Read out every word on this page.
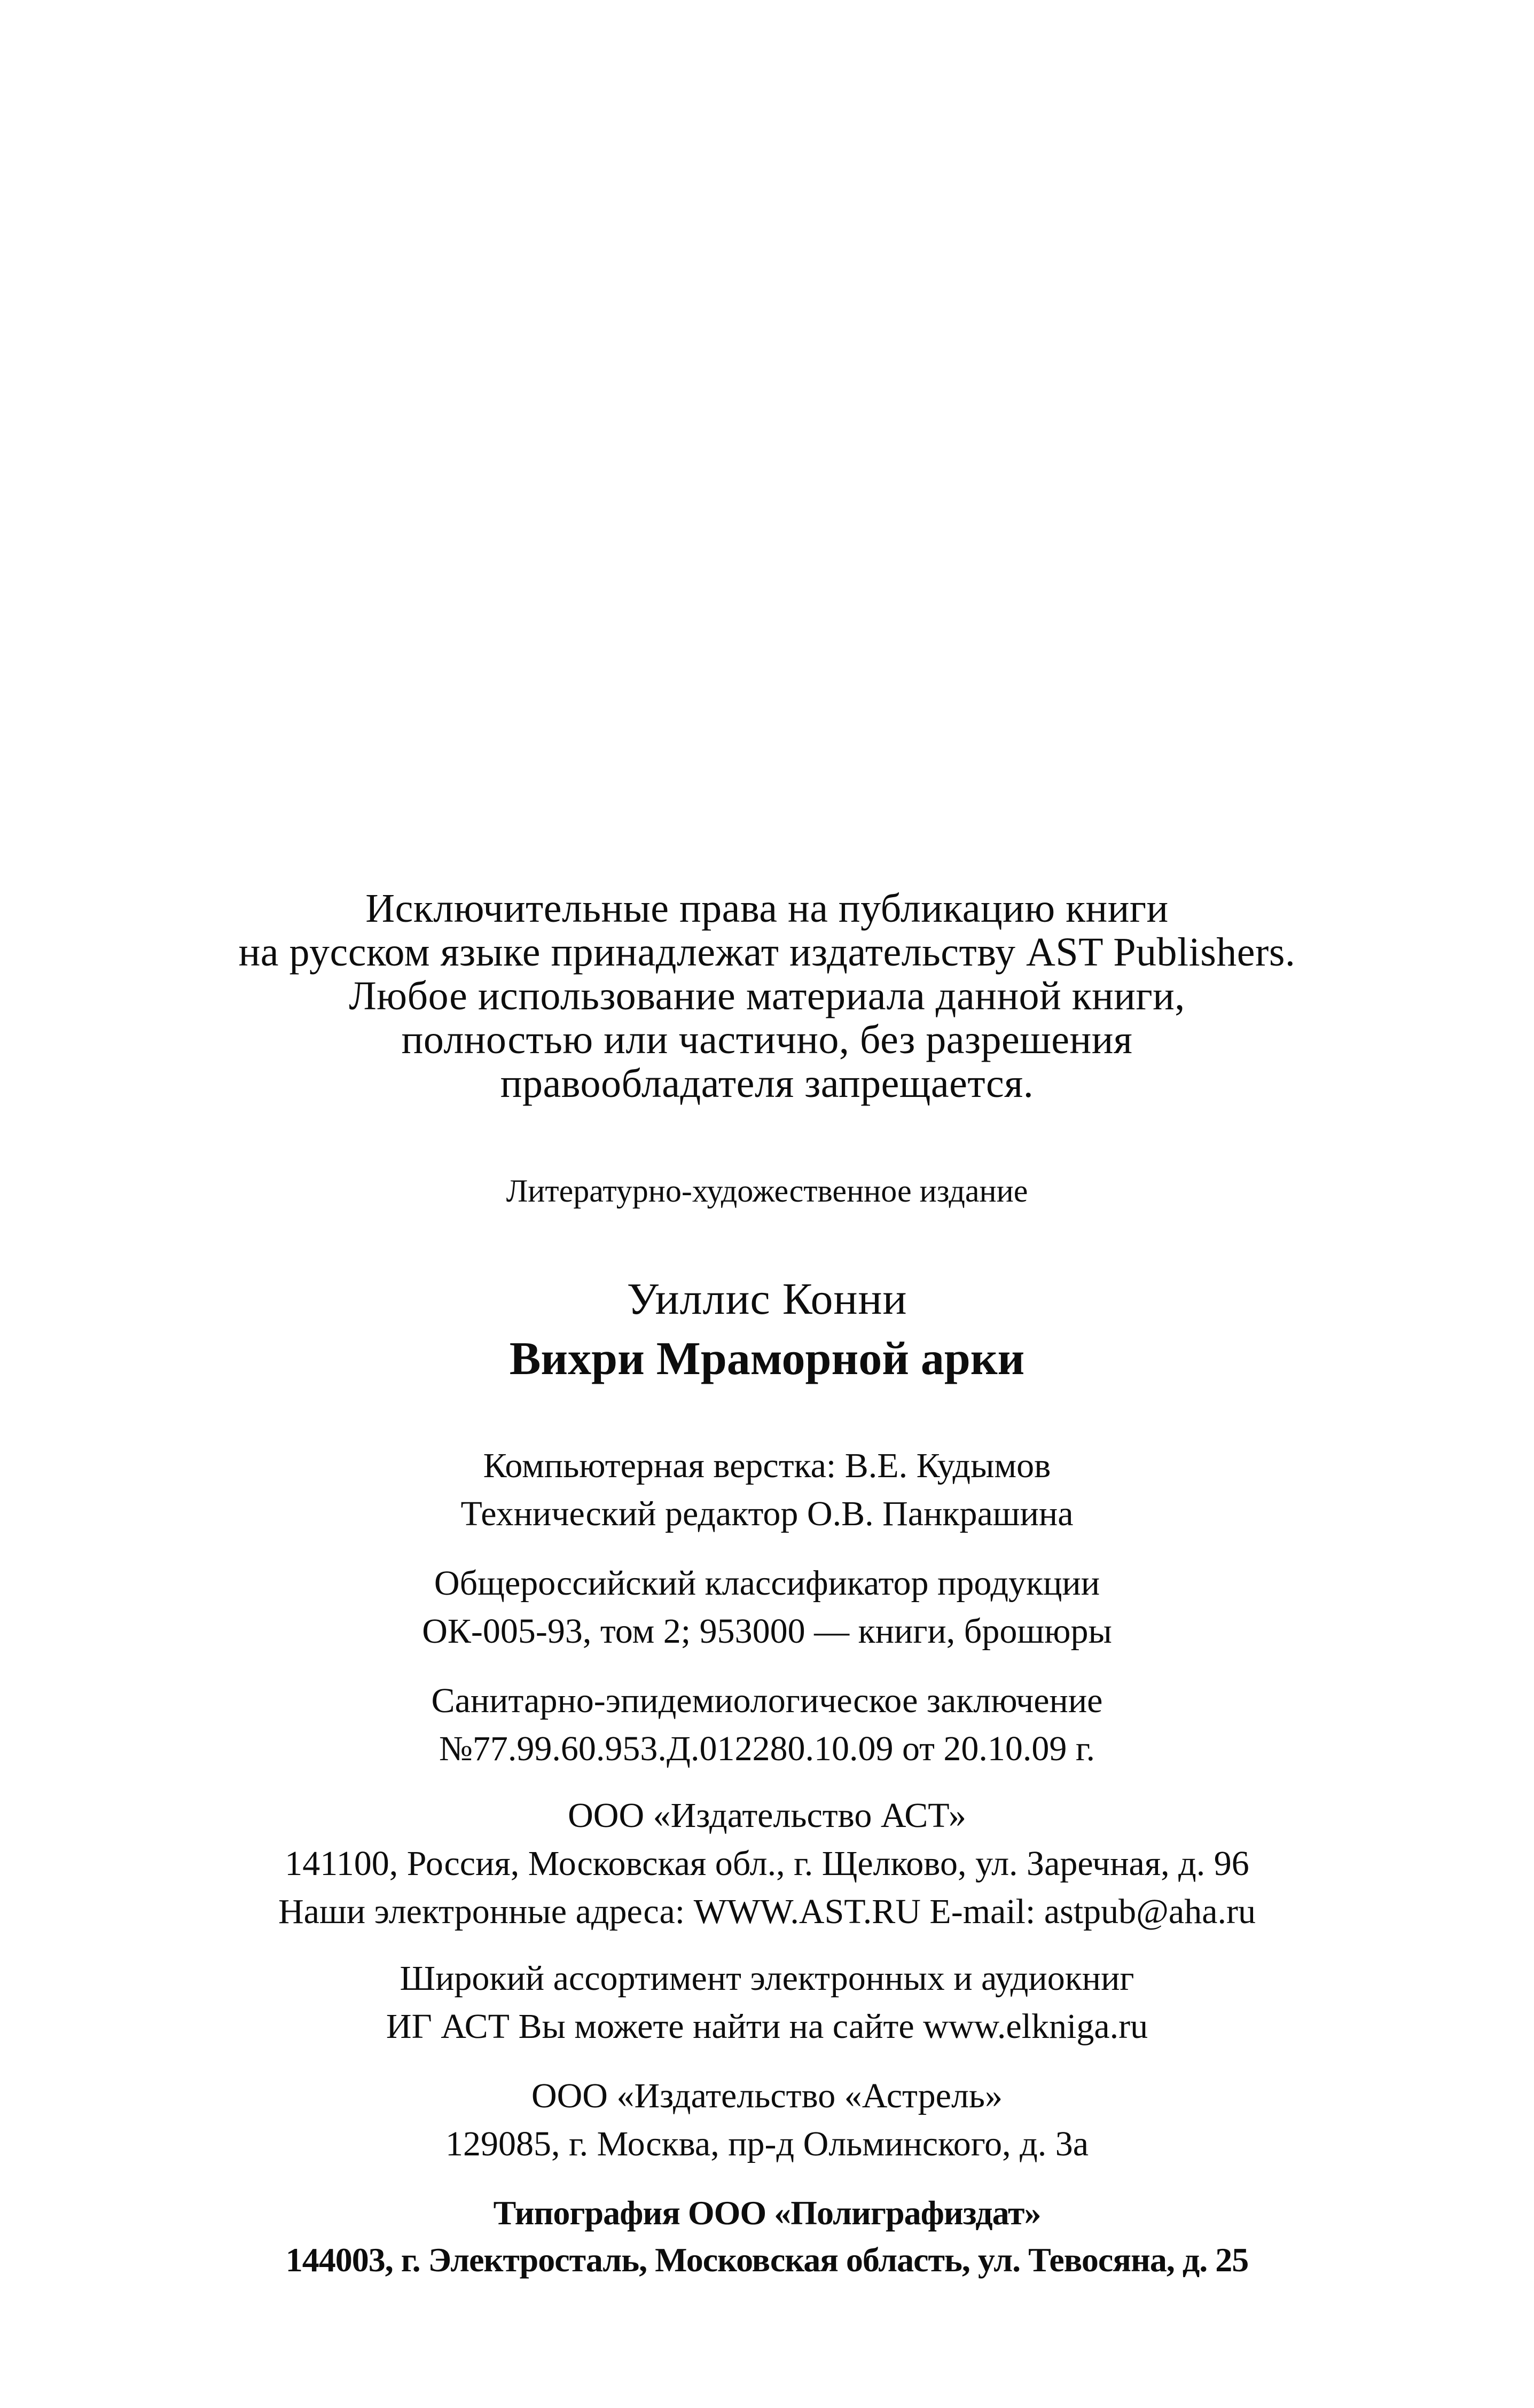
Исключительные права на публикацию книги
на русском языке принадлежат издательству AST Publishers.
Любое использование материала данной книги,
полностью или частично, без разрешения
правообладателя запрещается.
Литературно-художественное издание
Уиллис Конни
Вихри Мраморной арки
Компьютерная верстка: В.Е. Кудымов
Технический редактор О.В. Панкрашина
Общероссийский классификатор продукции
ОК-005-93, том 2; 953000 — книги, брошюры
Санитарно-эпидемиологическое заключение
№77.99.60.953.Д.012280.10.09 от 20.10.09 г.
ООО «Издательство АСТ»
141100, Россия, Московская обл., г. Щелково, ул. Заречная, д. 96
Наши электронные адреса: WWW.AST.RU E-mail: astpub@aha.ru
Широкий ассортимент электронных и аудиокниг
ИГ АСТ Вы можете найти на сайте www.elkniga.ru
ООО «Издательство «Астрель»
129085, г. Москва, пр-д Ольминского, д. 3а
Типография ООО «Полиграфиздат»
144003, г. Электросталь, Московская область, ул. Тевосяна, д. 25
